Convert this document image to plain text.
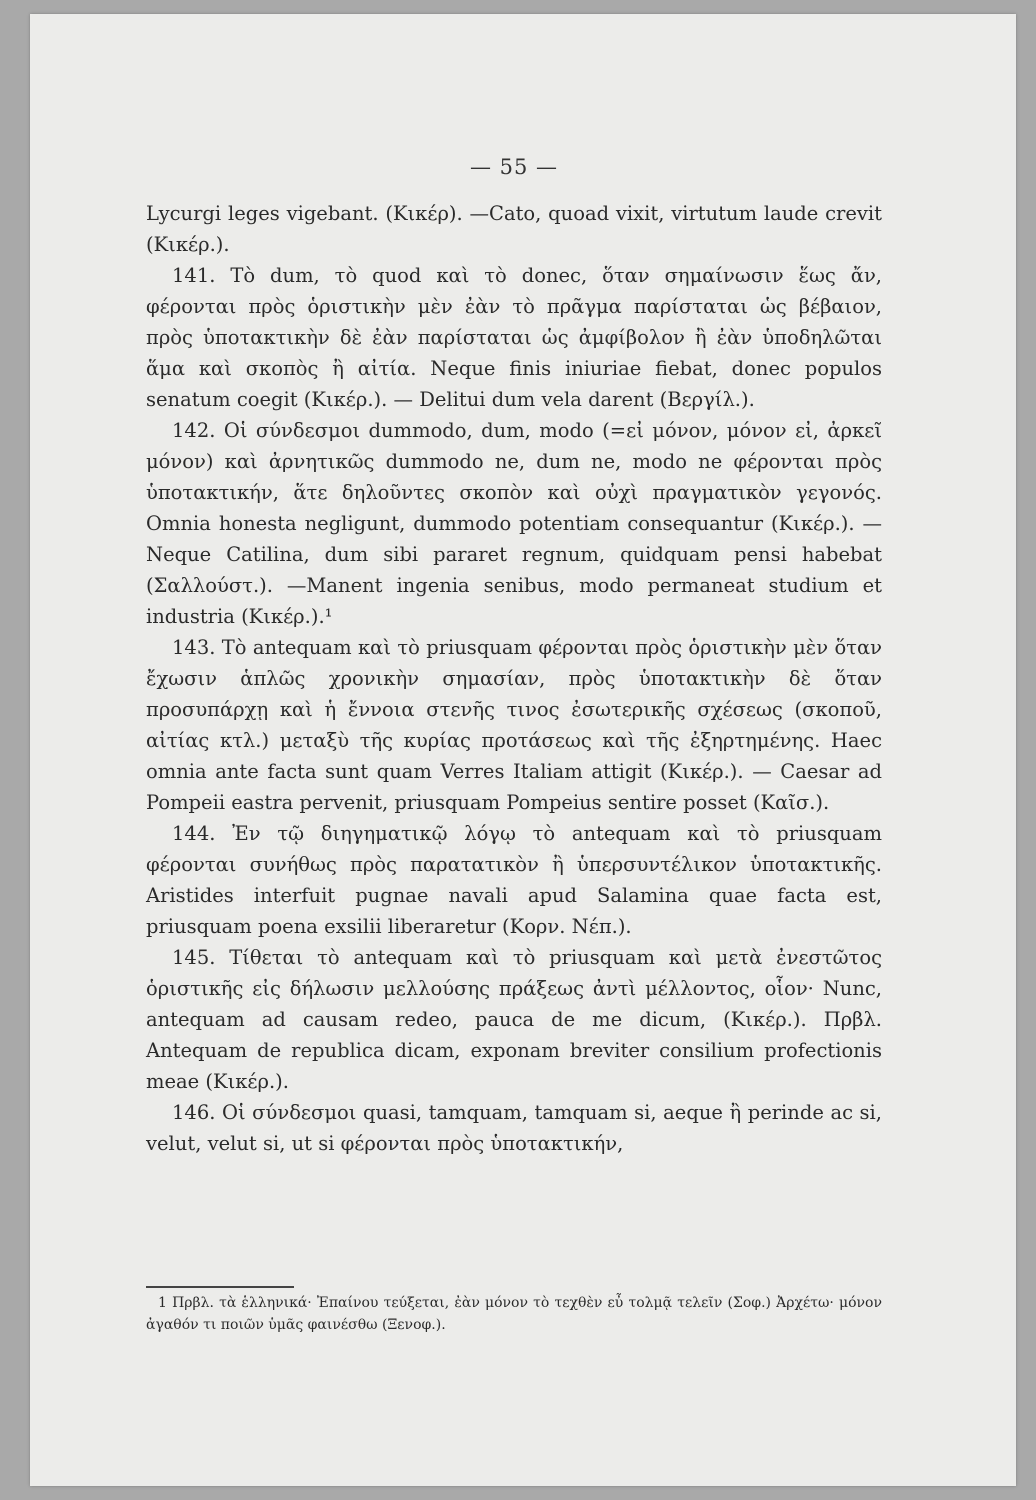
— 55 —

Lycurgi leges vigebant. (Κικέρ). —Cato, quoad vixit, virtutum laude crevit (Κικέρ.).

141. Τὸ dum, τὸ quod καὶ τὸ donec, ὅταν σημαίνωσιν ἕως ἄν, φέρονται πρὸς ὁριστικὴν μὲν ἐὰν τὸ πρᾶγμα παρίσταται ὡς βέβαιον, πρὸς ὑποτακτικὴν δὲ ἐὰν παρίσταται ὡς ἀμφίβολον ἢ ἐὰν ὑποδηλῶται ἅμα καὶ σκοπὸς ἢ αἰτία. Neque finis iniuriae fiebat, donec populos senatum coegit (Κικέρ.). — Delitui dum vela darent (Βεργίλ.).

142. Οἱ σύνδεσμοι dummodo, dum, modo (=εἰ μόνον, μόνον εἰ, ἀρκεῖ μόνον) καὶ ἀρνητικῶς dummodo ne, dum ne, modo ne φέρονται πρὸς ὑποτακτικήν, ἅτε δηλοῦντες σκοπὸν καὶ οὐχὶ πραγματικὸν γεγονός. Omnia honesta negligunt, dummodo potentiam consequantur (Κικέρ.). — Neque Catilina, dum sibi pararet regnum, quidquam pensi habebat (Σαλλούστ.). —Manent ingenia senibus, modo permaneat studium et industria (Κικέρ.).¹

143. Τὸ antequam καὶ τὸ priusquam φέρονται πρὸς ὁριστικὴν μὲν ὅταν ἔχωσιν ἁπλῶς χρονικὴν σημασίαν, πρὸς ὑποτακτικὴν δὲ ὅταν προσυπάρχῃ καὶ ἡ ἔννοια στενῆς τινος ἐσωτερικῆς σχέσεως (σκοποῦ, αἰτίας κτλ.) μεταξὺ τῆς κυρίας προτάσεως καὶ τῆς ἐξηρτημένης. Haec omnia ante facta sunt quam Verres Italiam attigit (Κικέρ.). — Caesar ad Pompeii eastra pervenit, priusquam Pompeius sentire posset (Καῖσ.).

144. Ἐν τῷ διηγηματικῷ λόγῳ τὸ antequam καὶ τὸ priusquam φέρονται συνήθως πρὸς παρατατικὸν ἢ ὑπερσυντέλικον ὑποτακτικῆς. Aristides interfuit pugnae navali apud Salamina quae facta est, priusquam poena exsilii liberaretur (Κορν. Νέπ.).

145. Τίθεται τὸ antequam καὶ τὸ priusquam καὶ μετὰ ἐνεστῶτος ὁριστικῆς εἰς δήλωσιν μελλούσης πράξεως ἀντὶ μέλλοντος, οἷον· Nunc, antequam ad causam redeo, pauca de me dicum, (Κικέρ.). Πρβλ. Antequam de republica dicam, exponam breviter consilium profectionis meae (Κικέρ.).

146. Οἱ σύνδεσμοι quasi, tamquam, tamquam si, aeque ἢ perinde ac si, velut, velut si, ut si φέρονται πρὸς ὑποτακτικήν,

1 Πρβλ. τὰ ἑλληνικά· Ἐπαίνου τεύξεται, ἐὰν μόνον τὸ τεχθὲν εὖ τολμᾷ τελεῖν (Σοφ.) Ἀρχέτω· μόνον ἀγαθόν τι ποιῶν ὑμᾶς φαινέσθω (Ξενοφ.).
